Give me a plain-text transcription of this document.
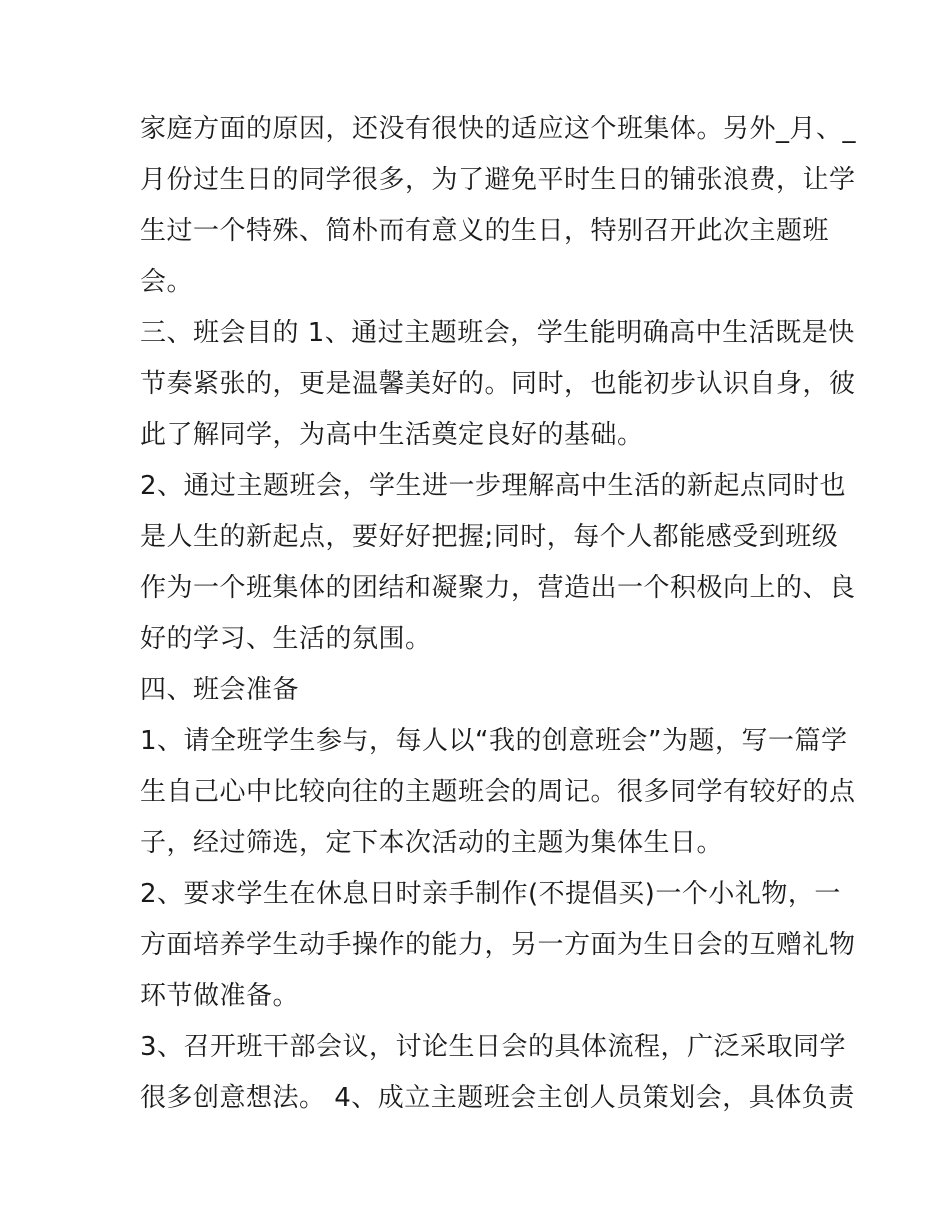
家庭方面的原因，还没有很快的适应这个班集体。另外_月、_
月份过生日的同学很多，为了避免平时生日的铺张浪费，让学
生过一个特殊、简朴而有意义的生日，特别召开此次主题班
会。
三、班会目的 1、通过主题班会，学生能明确高中生活既是快
节奏紧张的，更是温馨美好的。同时，也能初步认识自身，彼
此了解同学，为高中生活奠定良好的基础。
2、通过主题班会，学生进一步理解高中生活的新起点同时也
是人生的新起点，要好好把握;同时，每个人都能感受到班级
作为一个班集体的团结和凝聚力，营造出一个积极向上的、良
好的学习、生活的氛围。
四、班会准备
1、请全班学生参与，每人以“我的创意班会”为题，写一篇学
生自己心中比较向往的主题班会的周记。很多同学有较好的点
子，经过筛选，定下本次活动的主题为集体生日。
2、要求学生在休息日时亲手制作(不提倡买)一个小礼物，一
方面培养学生动手操作的能力，另一方面为生日会的互赠礼物
环节做准备。
3、召开班干部会议，讨论生日会的具体流程，广泛采取同学
很多创意想法。 4、成立主题班会主创人员策划会，具体负责
